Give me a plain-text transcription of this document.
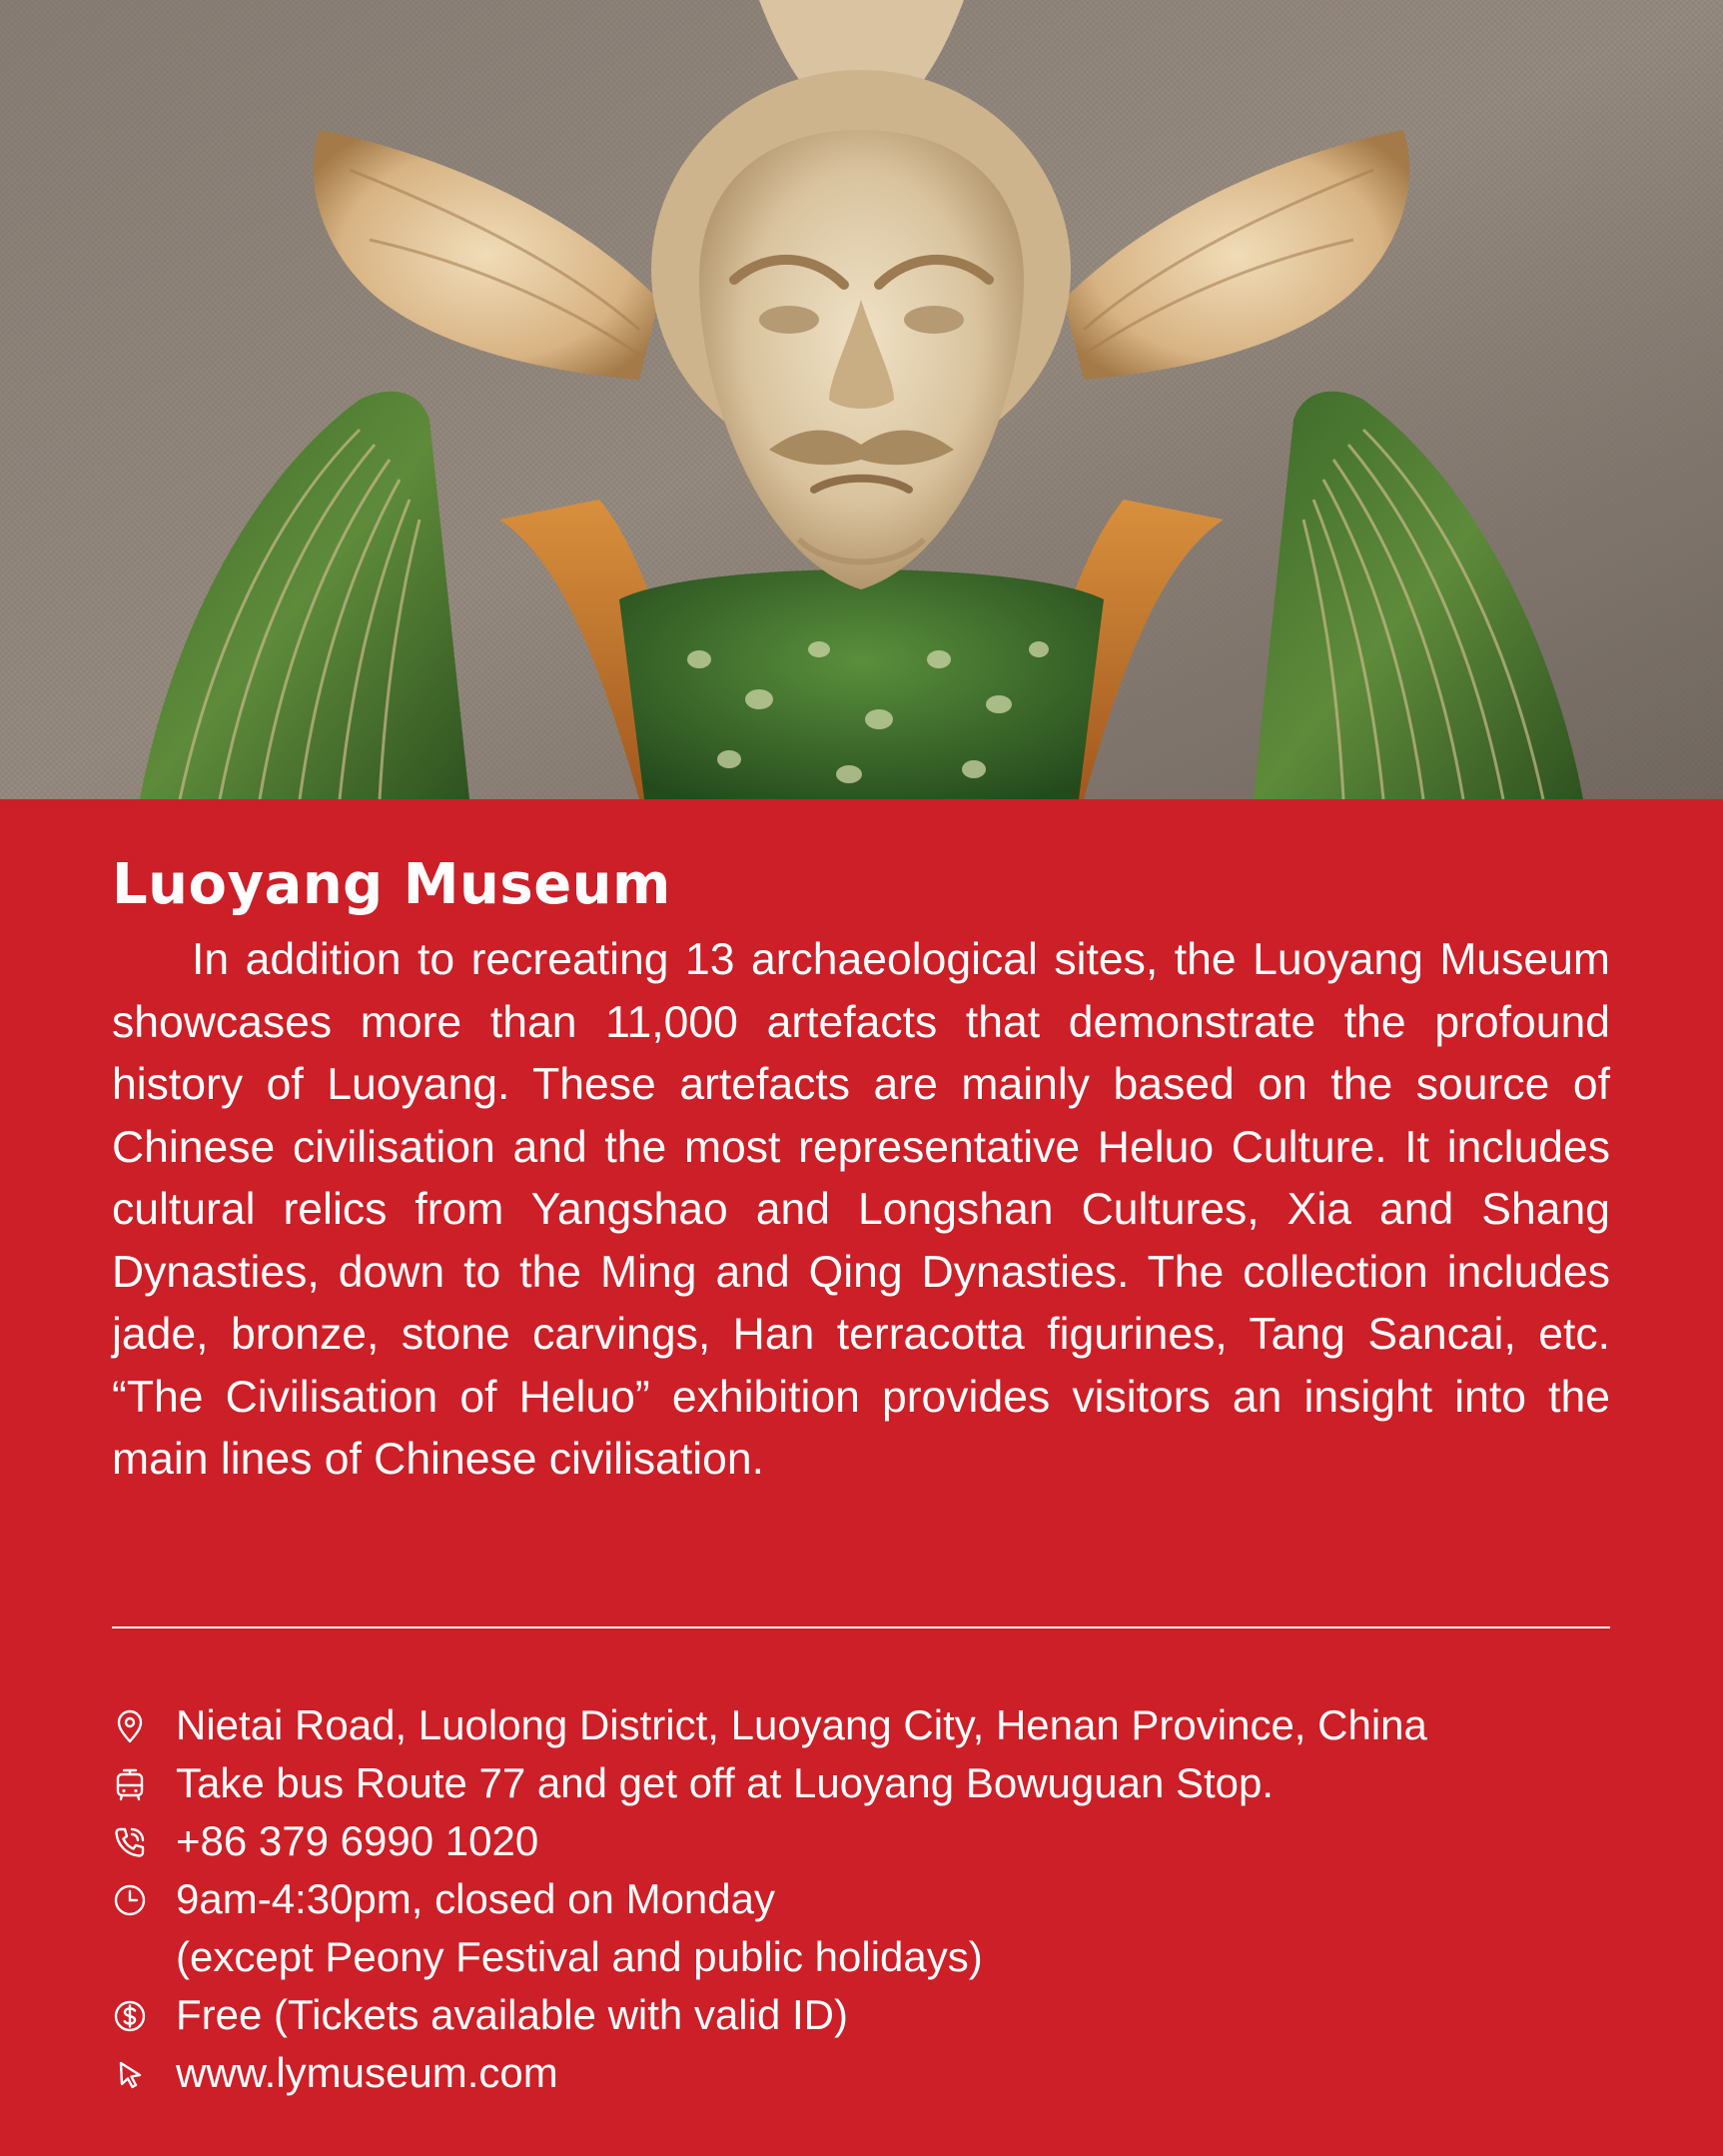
Luoyang Museum

In addition to recreating 13 archaeological sites, the Luoyang Museum showcases more than 11,000 artefacts that demonstrate the profound history of Luoyang. These artefacts are mainly based on the source of Chinese civilisation and the most representative Heluo Culture. It includes cultural relics from Yangshao and Longshan Cultures, Xia and Shang Dynasties, down to the Ming and Qing Dynasties. The collection includes jade, bronze, stone carvings, Han terracotta figurines, Tang Sancai, etc. “The Civilisation of Heluo” exhibition provides visitors an insight into the main lines of Chinese civilisation.

Nietai Road, Luolong District, Luoyang City, Henan Province, China
Take bus Route 77 and get off at Luoyang Bowuguan Stop.
+86 379 6990 1020
9am-4:30pm, closed on Monday
(except Peony Festival and public holidays)
Free (Tickets available with valid ID)
www.lymuseum.com
